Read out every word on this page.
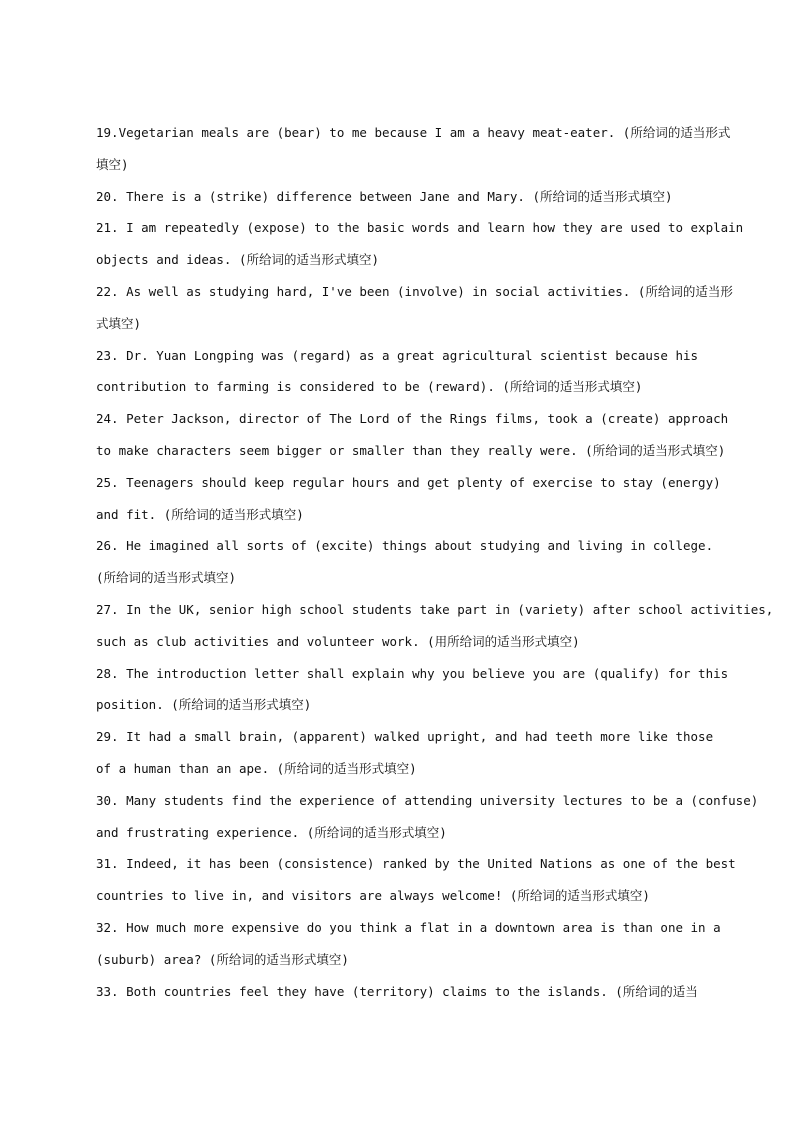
19.Vegetarian meals are (bear) to me because I am a heavy meat-eater. (所给词的适当形式
填空)
20. There is a (strike) difference between Jane and Mary. (所给词的适当形式填空)
21. I am repeatedly (expose) to the basic words and learn how they are used to explain
objects and ideas. (所给词的适当形式填空)
22. As well as studying hard, I've been (involve) in social activities. (所给词的适当形
式填空)
23. Dr. Yuan Longping was (regard) as a great agricultural scientist because his
contribution to farming is considered to be (reward). (所给词的适当形式填空)
24. Peter Jackson, director of The Lord of the Rings films, took a (create) approach
to make characters seem bigger or smaller than they really were. (所给词的适当形式填空)
25. Teenagers should keep regular hours and get plenty of exercise to stay (energy)
and fit. (所给词的适当形式填空)
26. He imagined all sorts of (excite) things about studying and living in college.
(所给词的适当形式填空)
27. In the UK, senior high school students take part in (variety) after school activities,
such as club activities and volunteer work. (用所给词的适当形式填空)
28. The introduction letter shall explain why you believe you are (qualify) for this
position. (所给词的适当形式填空)
29. It had a small brain, (apparent) walked upright, and had teeth more like those
of a human than an ape. (所给词的适当形式填空)
30. Many students find the experience of attending university lectures to be a (confuse)
and frustrating experience. (所给词的适当形式填空)
31. Indeed, it has been (consistence) ranked by the United Nations as one of the best
countries to live in, and visitors are always welcome! (所给词的适当形式填空)
32. How much more expensive do you think a flat in a downtown area is than one in a
(suburb) area? (所给词的适当形式填空)
33. Both countries feel they have (territory) claims to the islands. (所给词的适当
